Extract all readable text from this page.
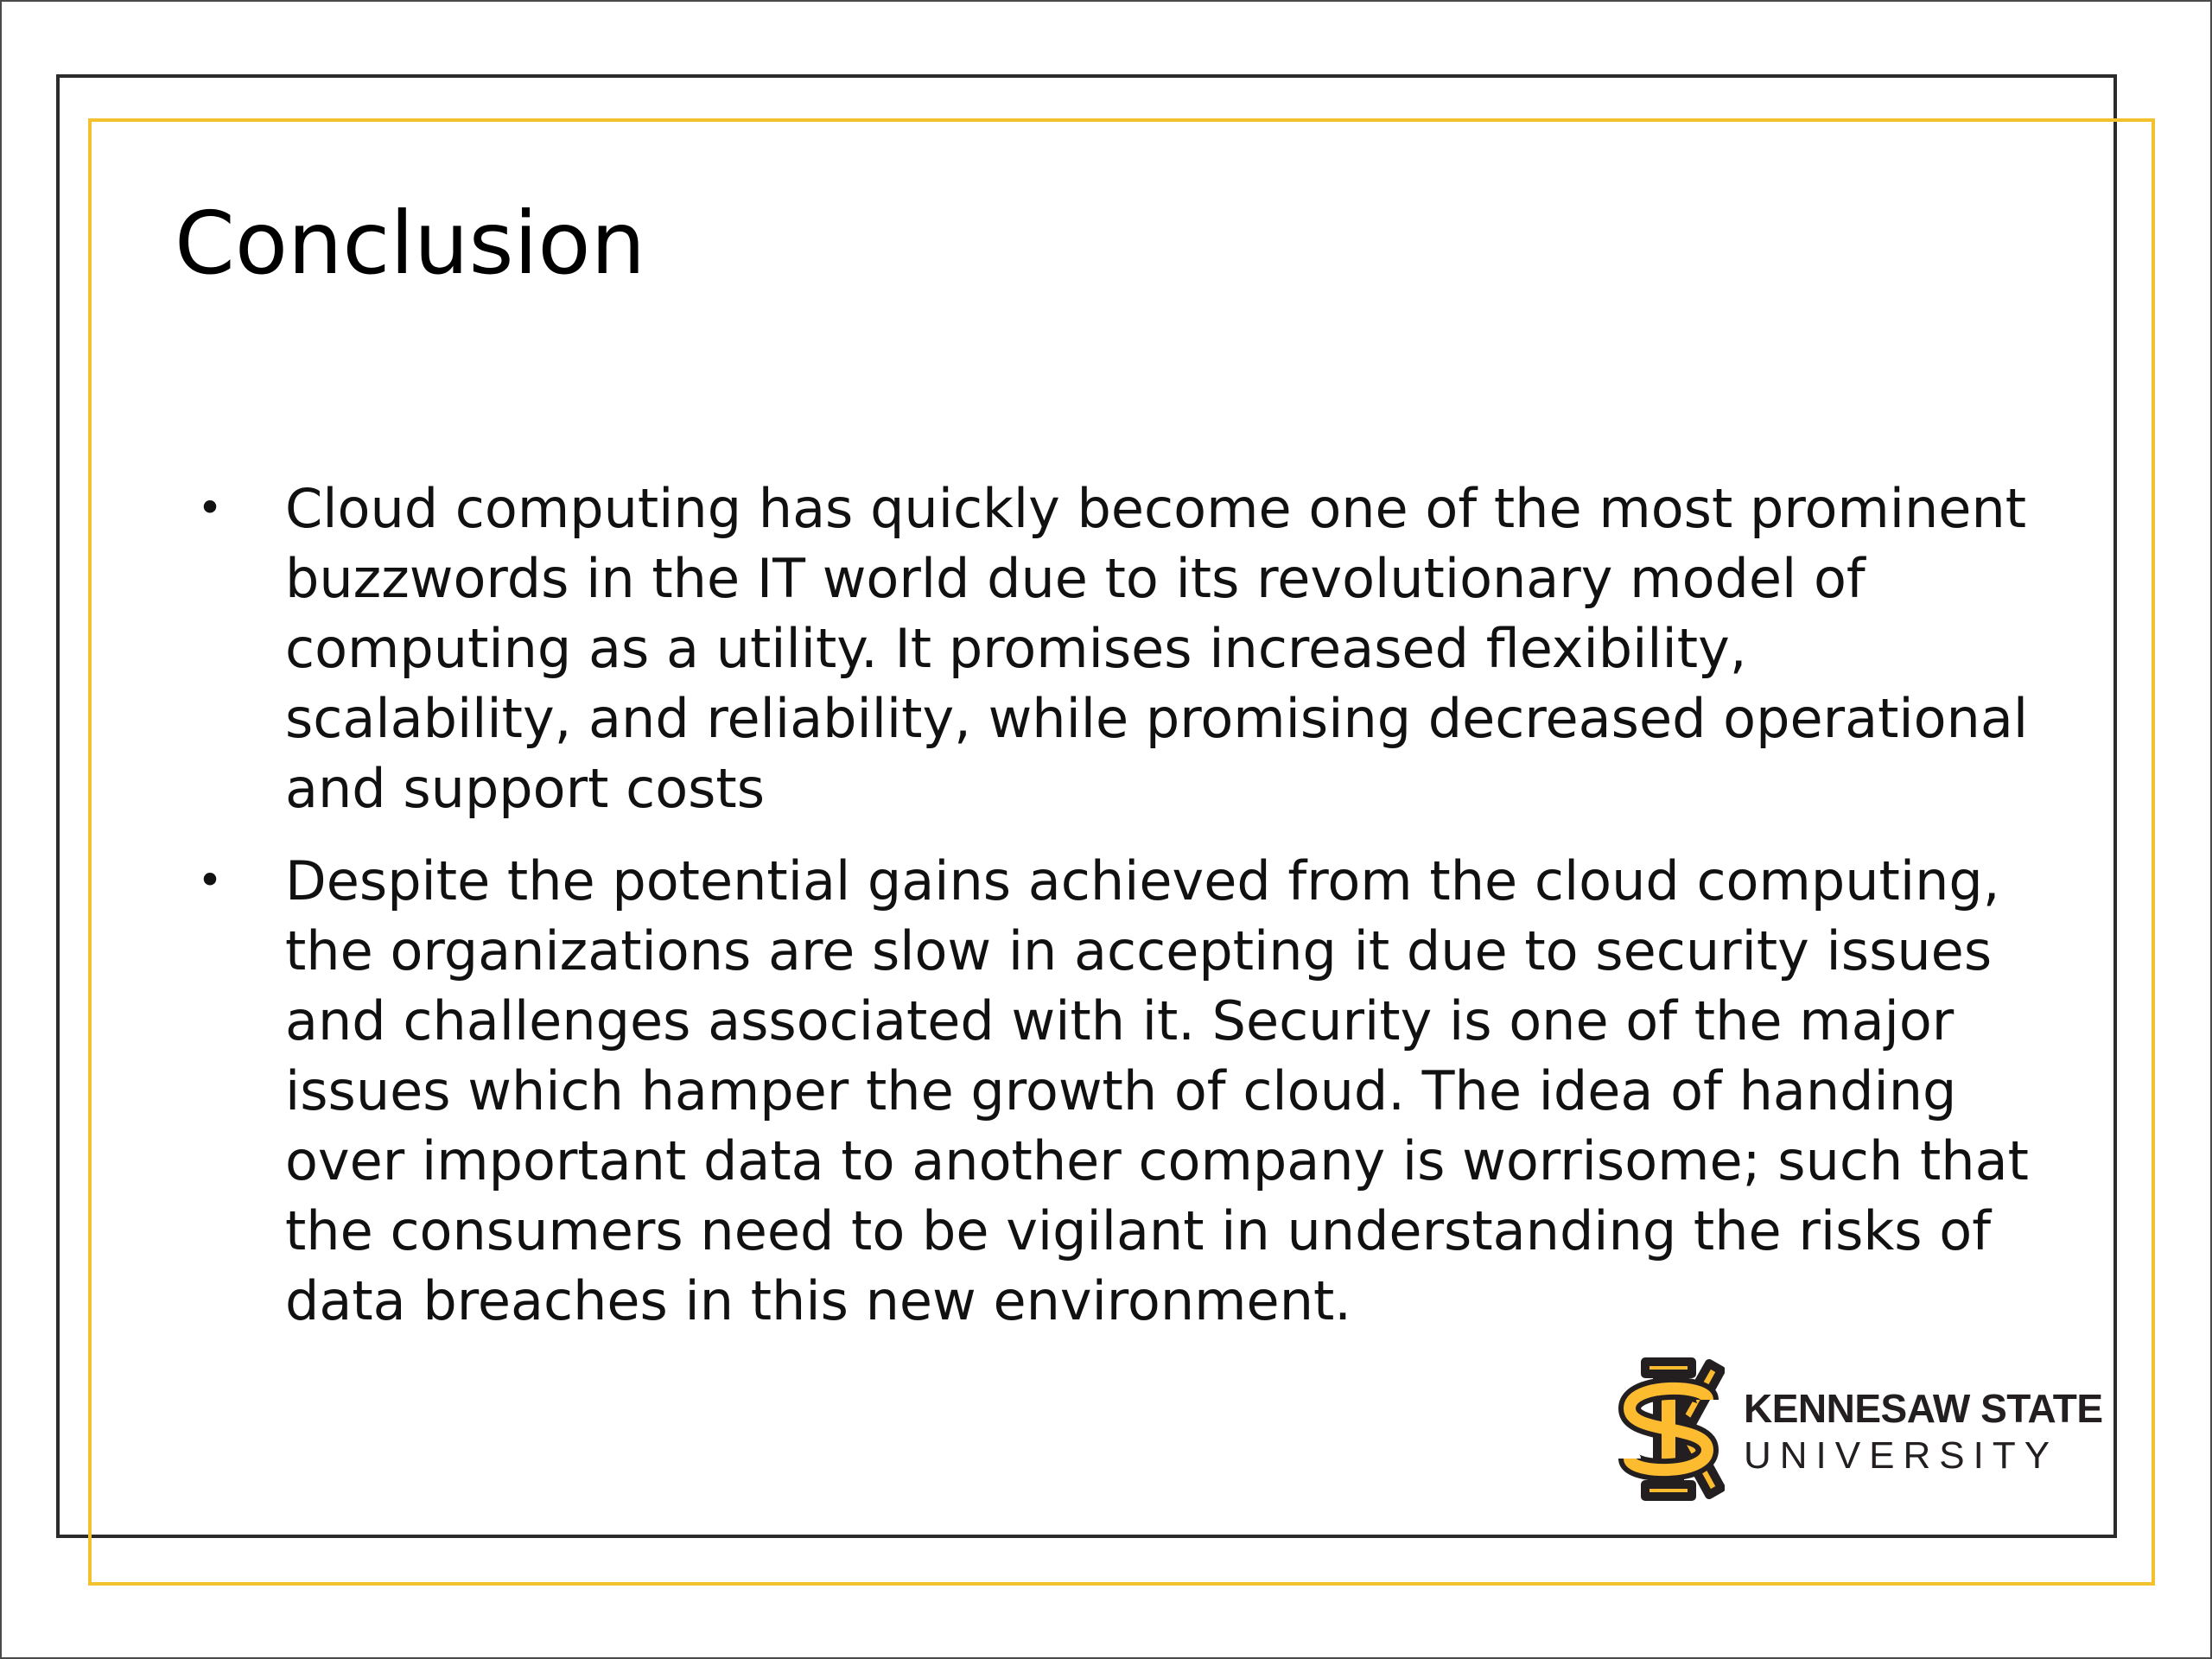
Conclusion
• Cloud computing has quickly become one of the most prominent buzzwords in the IT world due to its revolutionary model of computing as a utility. It promises increased flexibility, scalability, and reliability, while promising decreased operational and support costs
• Despite the potential gains achieved from the cloud computing, the organizations are slow in accepting it due to security issues and challenges associated with it. Security is one of the major issues which hamper the growth of cloud. The idea of handing over important data to another company is worrisome; such that the consumers need to be vigilant in understanding the risks of data breaches in this new environment.
KENNESAW STATE
UNIVERSITY
